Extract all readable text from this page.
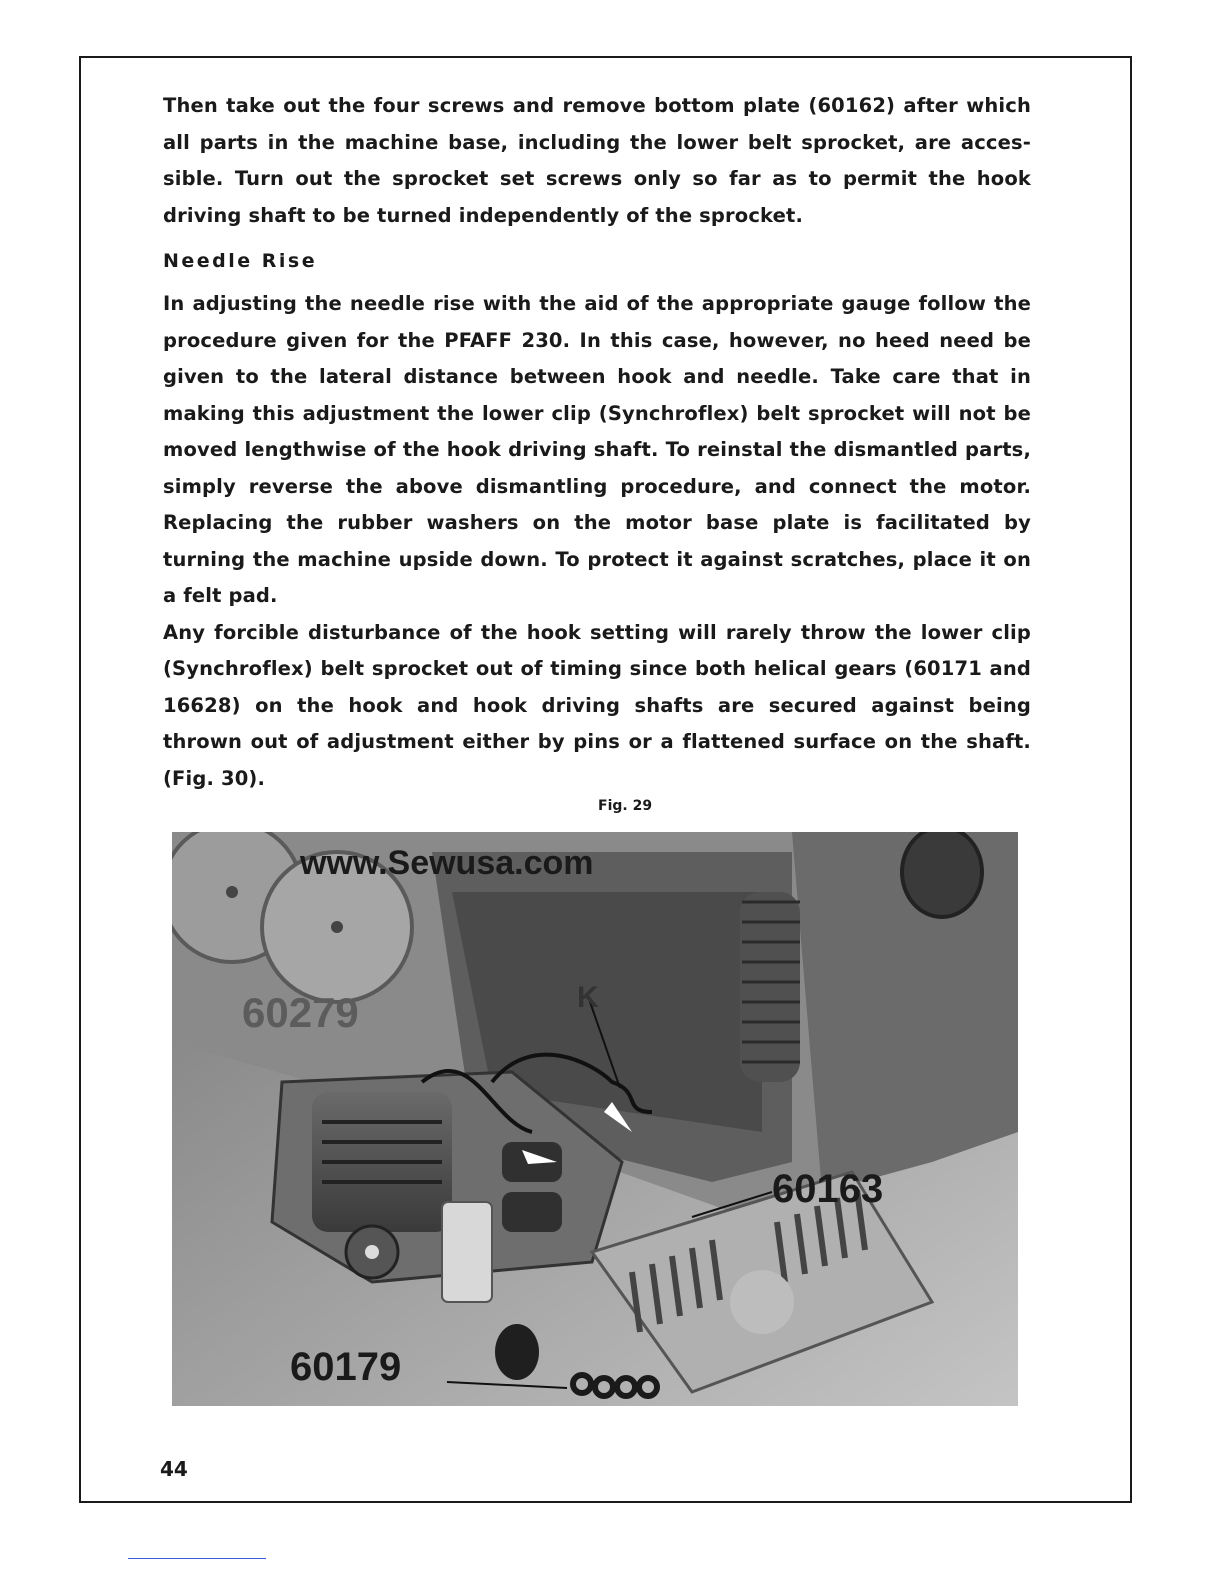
Then take out the four screws and remove bottom plate (60162) after which all parts in the machine base, including the lower belt sprocket, are acces- sible. Turn out the sprocket set screws only so far as to permit the hook driving shaft to be turned independently of the sprocket.

Needle Rise

In adjusting the needle rise with the aid of the appropriate gauge follow the procedure given for the PFAFF 230. In this case, however, no heed need be given to the lateral distance between hook and needle. Take care that in making this adjustment the lower clip (Synchroflex) belt sprocket will not be moved lengthwise of the hook driving shaft. To reinstal the dismantled parts, simply reverse the above dismantling procedure, and connect the motor. Replacing the rubber washers on the motor base plate is facilitated by turning the machine upside down. To protect it against scratches, place it on a felt pad.

Any forcible disturbance of the hook setting will rarely throw the lower clip (Synchroflex) belt sprocket out of timing since both helical gears (60171 and 16628) on the hook and hook driving shafts are secured against being thrown out of adjustment either by pins or a flattened surface on the shaft. (Fig. 30).

Fig. 29
www.Sewusa.com
60279	K
60163
60179
44
